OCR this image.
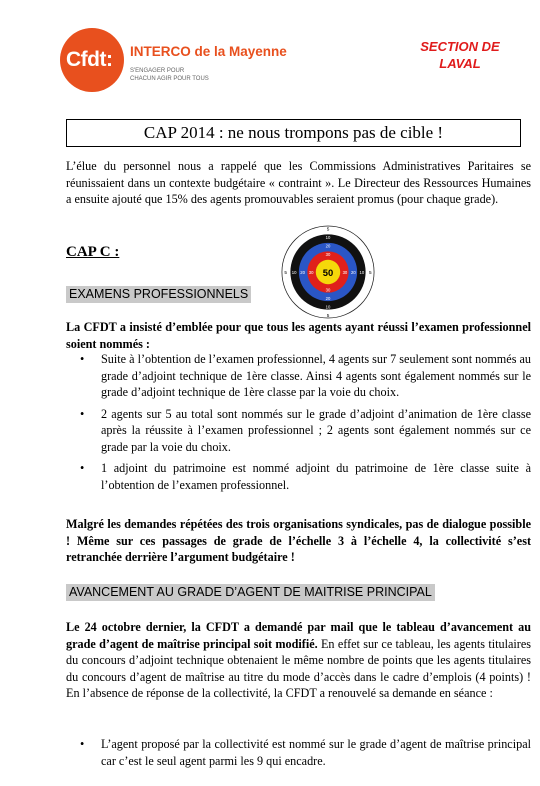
Cfdt: INTERCO de la Mayenne
S'ENGAGER POUR CHACUN AGIR POUR TOUS
SECTION DE
LAVAL
CAP 2014 : ne nous trompons pas de cible !
L’élue du personnel nous a rappelé que les Commissions Administratives Paritaires se réunissaient dans un contexte budgétaire « contraint ». Le Directeur des Ressources Humaines a ensuite ajouté que 15% des agents promouvables seraient promus (pour chaque grade).
50
5	5
5
5
10	10
10
10
20	20
20
20
30	30
30
30
CAP C :
EXAMENS PROFESSIONNELS
La CFDT a insisté d’emblée pour que tous les agents ayant réussi l’examen professionnel soient nommés :
• Suite à l’obtention de l’examen professionnel, 4 agents sur 7 seulement sont nommés au grade d’adjoint technique de 1ère classe. Ainsi 4 agents sont également nommés sur le grade d’adjoint technique de 1ère classe par la voie du choix.
• 2 agents sur 5 au total sont nommés sur le grade d’adjoint d’animation de 1ère classe après la réussite à l’examen professionnel ; 2 agents sont également nommés sur ce grade par la voie du choix.
• 1 adjoint du patrimoine est nommé adjoint du patrimoine de 1ère classe suite à l’obtention de l’examen professionnel.
Malgré les demandes répétées des trois organisations syndicales, pas de dialogue possible ! Même sur ces passages de grade de l’échelle 3 à l’échelle 4, la collectivité s’est retranchée derrière l’argument budgétaire !
AVANCEMENT AU GRADE D’AGENT DE MAITRISE PRINCIPAL
Le 24 octobre dernier, la CFDT a demandé par mail que le tableau d’avancement au grade d’agent de maîtrise principal soit modifié. En effet sur ce tableau, les agents titulaires du concours d’adjoint technique obtenaient le même nombre de points que les agents titulaires du concours d’agent de maîtrise au titre du mode d’accès dans le cadre d’emplois (4 points) ! En l’absence de réponse de la collectivité, la CFDT a renouvelé sa demande en séance :
• L’agent proposé par la collectivité est nommé sur le grade d’agent de maîtrise principal car c’est le seul agent parmi les 9 qui encadre.
